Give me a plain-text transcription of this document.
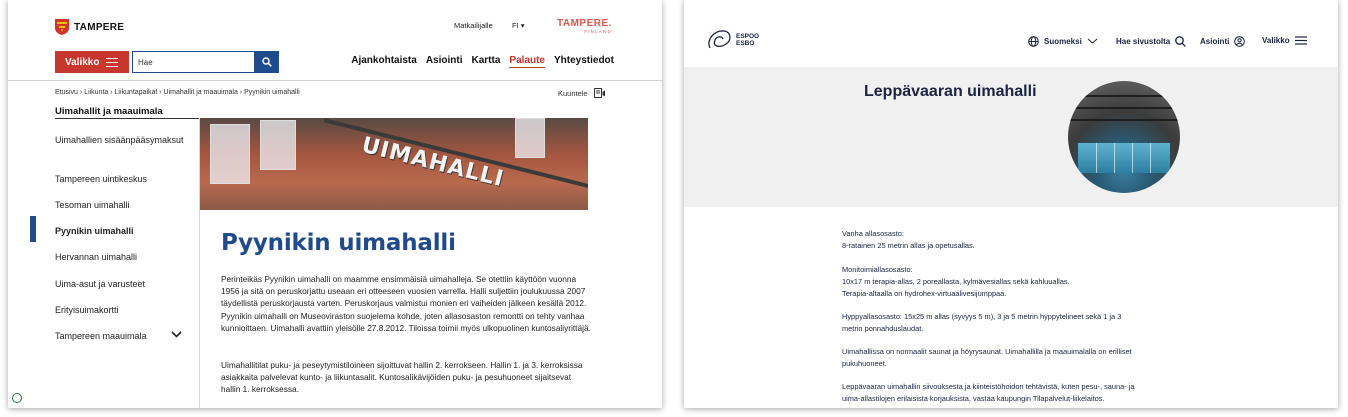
TAMPERE	Matkailijalle	FI ▾	TAMPERE.
FINLAND
Valikko
Hae	Ajankohtaista Asiointi Kartta Palaute Yhteystiedot
Etusivu › Liikunta › Liikuntapaikat › Uimahallit ja maauimala › Pyynikin uimahalli	Kuuntele
Uimahallit ja maauimala
Uimahallien sisäänpääsymaksut
Tampereen uintikeskus
Tesoman uimahalli
Pyynikin uimahalli
Hervannan uimahalli
Uima-asut ja varusteet
Erityisuimakortti
Tampereen maauimala
UIMAHALLI
Pyynikin uimahalli

Perinteikäs Pyynikin uimahalli on maamme ensimmäisiä uimahalleja. Se otettiin käyttöön vuonna 1956 ja sitä on peruskorjattu useaan eri otteeseen vuosien varrella. Halli suljettiin joulukuussa 2007 täydellistä peruskorjausta varten. Peruskorjaus valmistui monien eri vaiheiden jälkeen kesällä 2012. Pyynikin uimahalli on Museoviraston suojelema kohde, joten allasosaston remontti on tehty vanhaa kunnioittaen. Uimahalli avattiin yleisölle 27.8.2012. Tiloissa toimii myös ulkopuolinen kuntosaliyrittäjä.

Uimahallitilat puku- ja peseytymistiloineen sijoittuvat hallin 2. kerrokseen. Hallin 1. ja 3. kerroksissa asiakkaita palvelevat kunto- ja liikuntasalit. Kuntosalikävijöiden puku- ja pesuhuoneet sijaitsevat hallin 1. kerroksessa.

ESPOO
ESBO	Suomeksi	Hae sivustolta	Asiointi	Valikko
Leppävaaran uimahalli
Vanha allasosasto:
8-ratainen 25 metrin allas ja opetusallas.
Monitoimiallasosasto:
10x17 m terapia-allas, 2 poreallasta, kylmävesiallas sekä kahluuallas.
Terapia-altaalla on hydrohex-virtuaalivesijumppaa.
Hyppyallasosasto: 15x25 m allas (syvyys 5 m), 3 ja 5 metrin hyppytelineet sekä 1 ja 3
metrin ponnahduslaudat.
Uimahallissa on normaalit saunat ja höyrysaunat. Uimahallilla ja maauimalalla on erilliset
pukuhuoneet.
Leppävaaran uimahallin siivouksesta ja kiinteistöhoidon tehtävistä, kuten pesu-, sauna- ja
uima-allastilojen erilaisista korjauksista, vastaa kaupungin Tilapalvelut-liikelaitos.
